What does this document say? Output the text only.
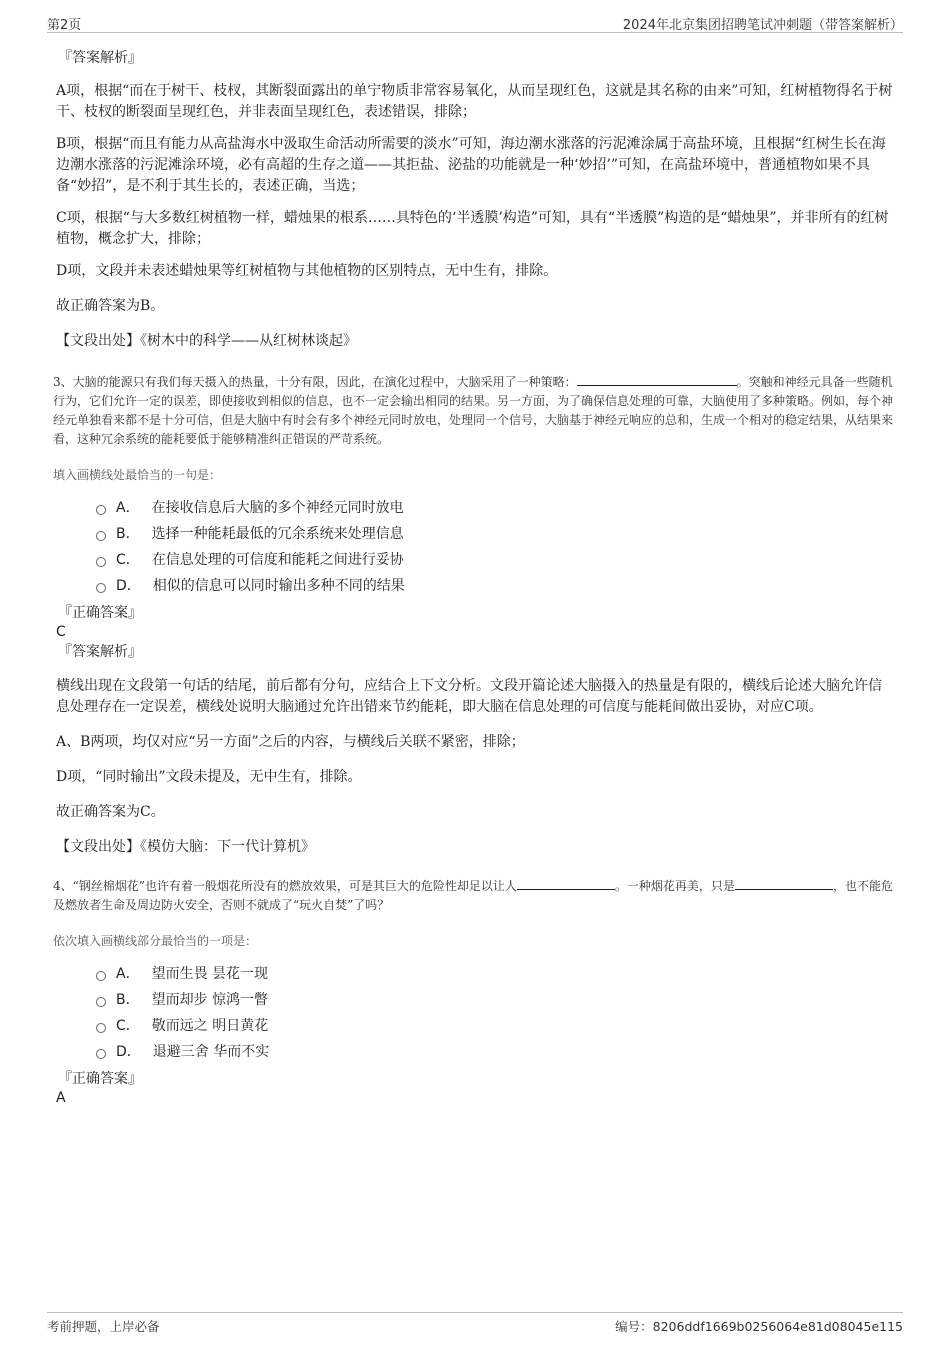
第2页	2024年北京集团招聘笔试冲刺题（带答案解析）
『答案解析』

A项，根据“而在于树干、枝杈，其断裂面露出的单宁物质非常容易氧化，从而呈现红色，这就是其名称的由来”可知，红树植物得名于树干、枝杈的断裂面呈现红色，并非表面呈现红色，表述错误，排除；

B项，根据“而且有能力从高盐海水中汲取生命活动所需要的淡水”可知，海边潮水涨落的污泥滩涂属于高盐环境，且根据“红树生长在海边潮水涨落的污泥滩涂环境，必有高超的生存之道——其拒盐、泌盐的功能就是一种‘妙招’”可知，在高盐环境中，普通植物如果不具备“妙招”，是不利于其生长的，表述正确，当选；

C项，根据“与大多数红树植物一样，蜡烛果的根系……具特色的‘半透膜’构造”可知，具有“半透膜”构造的是“蜡烛果”，并非所有的红树植物，概念扩大，排除；

D项，文段并未表述蜡烛果等红树植物与其他植物的区别特点，无中生有，排除。

故正确答案为B。

【文段出处】《树木中的科学——从红树林谈起》

3、大脑的能源只有我们每天摄入的热量，十分有限，因此，在演化过程中，大脑采用了一种策略：	。突触和神经元具备一些随机行为，它们允许一定的误差，即使接收到相似的信息，也不一定会输出相同的结果。另一方面，为了确保信息处理的可靠，大脑使用了多种策略。例如，每个神经元单独看来都不是十分可信，但是大脑中有时会有多个神经元同时放电，处理同一个信号，大脑基于神经元响应的总和，生成一个相对的稳定结果，从结果来看，这种冗余系统的能耗要低于能够精准纠正错误的严苛系统。

填入画横线处最恰当的一句是：
A． 在接收信息后大脑的多个神经元同时放电
B． 选择一种能耗最低的冗余系统来处理信息
C． 在信息处理的可信度和能耗之间进行妥协
D． 相似的信息可以同时输出多种不同的结果
『正确答案』
C
『答案解析』

横线出现在文段第一句话的结尾，前后都有分句，应结合上下文分析。文段开篇论述大脑摄入的热量是有限的，横线后论述大脑允许信息处理存在一定误差，横线处说明大脑通过允许出错来节约能耗，即大脑在信息处理的可信度与能耗间做出妥协，对应C项。

A、B两项，均仅对应“另一方面”之后的内容，与横线后关联不紧密，排除；

D项，“同时输出”文段未提及，无中生有，排除。

故正确答案为C。

【文段出处】《模仿大脑：下一代计算机》

4、“钢丝棉烟花”也许有着一般烟花所没有的燃放效果，可是其巨大的危险性却足以让人	。一种烟花再美，只是	，也不能危及燃放者生命及周边防火安全，否则不就成了“玩火自焚”了吗？

依次填入画横线部分最恰当的一项是：
A． 望而生畏 昙花一现
B． 望而却步 惊鸿一瞥
C． 敬而远之 明日黄花
D． 退避三舍 华而不实
『正确答案』
A
考前押题，上岸必备	编号：8206ddf1669b0256064e81d08045e115
